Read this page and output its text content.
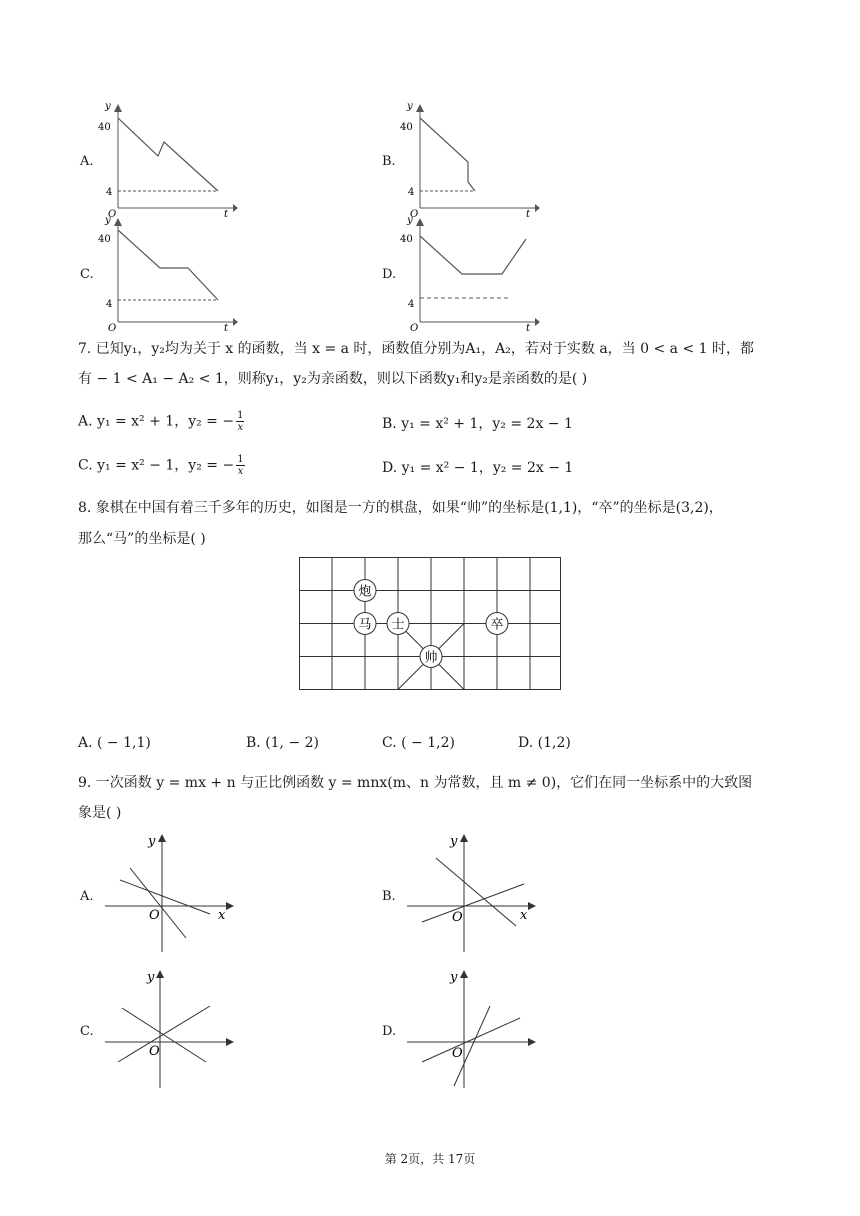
A.	B.
C.	D.
y
40
4
O	t
y
40
4
O	t
y
40
4
O	t
y
40
4
O	t
7. 已知y₁，y₂均为关于 x 的函数，当 x = a 时，函数值分别为A₁，A₂，若对于实数 a，当 0 < a < 1 时，都
有 − 1 < A₁ − A₂ < 1，则称y₁，y₂为亲函数，则以下函数y₁和y₂是亲函数的是( )
A. y₁ = x² + 1，y₂ = − $\frac{1}{x}$	B. y₁ = x² + 1，y₂ = 2x − 1
C. y₁ = x² − 1，y₂ = − $\frac{1}{x}$	D. y₁ = x² − 1，y₂ = 2x − 1
8. 象棋在中国有着三千多年的历史，如图是一方的棋盘，如果“帅”的坐标是(1,1)，“卒”的坐标是(3,2)，
那么“马”的坐标是( )
炮
马 士	卒
帅
A. ( − 1,1)	B. (1, − 2)	C. ( − 1,2)	D. (1,2)
9. 一次函数 y = mx + n 与正比例函数 y = mnx(m、n 为常数，且 m ≠ 0)，它们在同一坐标系中的大致图
象是( )
A.	B.
C.	D.
y
x
O
y
x
O
y
O
y
O
第 2页，共 17页
